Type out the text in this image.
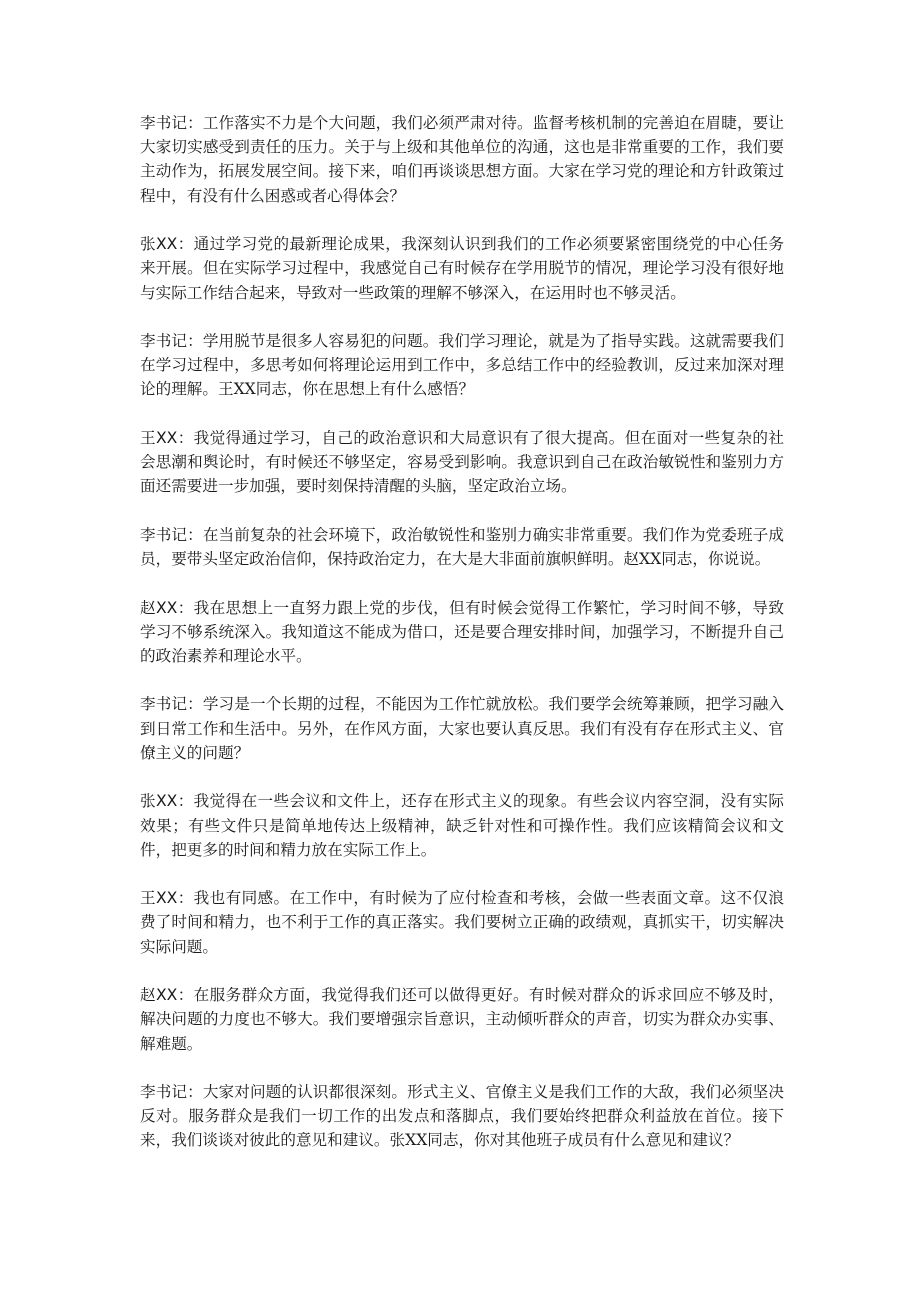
李书记：工作落实不力是个大问题，我们必须严肃对待。监督考核机制的完善迫在眉睫，要让大家切实感受到责任的压力。关于与上级和其他单位的沟通，这也是非常重要的工作，我们要主动作为，拓展发展空间。接下来，咱们再谈谈思想方面。大家在学习党的理论和方针政策过程中，有没有什么困惑或者心得体会？

张XX：通过学习党的最新理论成果，我深刻认识到我们的工作必须要紧密围绕党的中心任务来开展。但在实际学习过程中，我感觉自己有时候存在学用脱节的情况，理论学习没有很好地与实际工作结合起来，导致对一些政策的理解不够深入，在运用时也不够灵活。

李书记：学用脱节是很多人容易犯的问题。我们学习理论，就是为了指导实践。这就需要我们在学习过程中，多思考如何将理论运用到工作中，多总结工作中的经验教训，反过来加深对理论的理解。王XX同志，你在思想上有什么感悟？

王XX：我觉得通过学习，自己的政治意识和大局意识有了很大提高。但在面对一些复杂的社会思潮和舆论时，有时候还不够坚定，容易受到影响。我意识到自己在政治敏锐性和鉴别力方面还需要进一步加强，要时刻保持清醒的头脑，坚定政治立场。

李书记：在当前复杂的社会环境下，政治敏锐性和鉴别力确实非常重要。我们作为党委班子成员，要带头坚定政治信仰，保持政治定力，在大是大非面前旗帜鲜明。赵XX同志，你说说。

赵XX：我在思想上一直努力跟上党的步伐，但有时候会觉得工作繁忙，学习时间不够，导致学习不够系统深入。我知道这不能成为借口，还是要合理安排时间，加强学习，不断提升自己的政治素养和理论水平。

李书记：学习是一个长期的过程，不能因为工作忙就放松。我们要学会统筹兼顾，把学习融入到日常工作和生活中。另外，在作风方面，大家也要认真反思。我们有没有存在形式主义、官僚主义的问题？

张XX：我觉得在一些会议和文件上，还存在形式主义的现象。有些会议内容空洞，没有实际效果；有些文件只是简单地传达上级精神，缺乏针对性和可操作性。我们应该精简会议和文件，把更多的时间和精力放在实际工作上。

王XX：我也有同感。在工作中，有时候为了应付检查和考核，会做一些表面文章。这不仅浪费了时间和精力，也不利于工作的真正落实。我们要树立正确的政绩观，真抓实干，切实解决实际问题。

赵XX：在服务群众方面，我觉得我们还可以做得更好。有时候对群众的诉求回应不够及时，解决问题的力度也不够大。我们要增强宗旨意识，主动倾听群众的声音，切实为群众办实事、解难题。

李书记：大家对问题的认识都很深刻。形式主义、官僚主义是我们工作的大敌，我们必须坚决反对。服务群众是我们一切工作的出发点和落脚点，我们要始终把群众利益放在首位。接下来，我们谈谈对彼此的意见和建议。张XX同志，你对其他班子成员有什么意见和建议？
